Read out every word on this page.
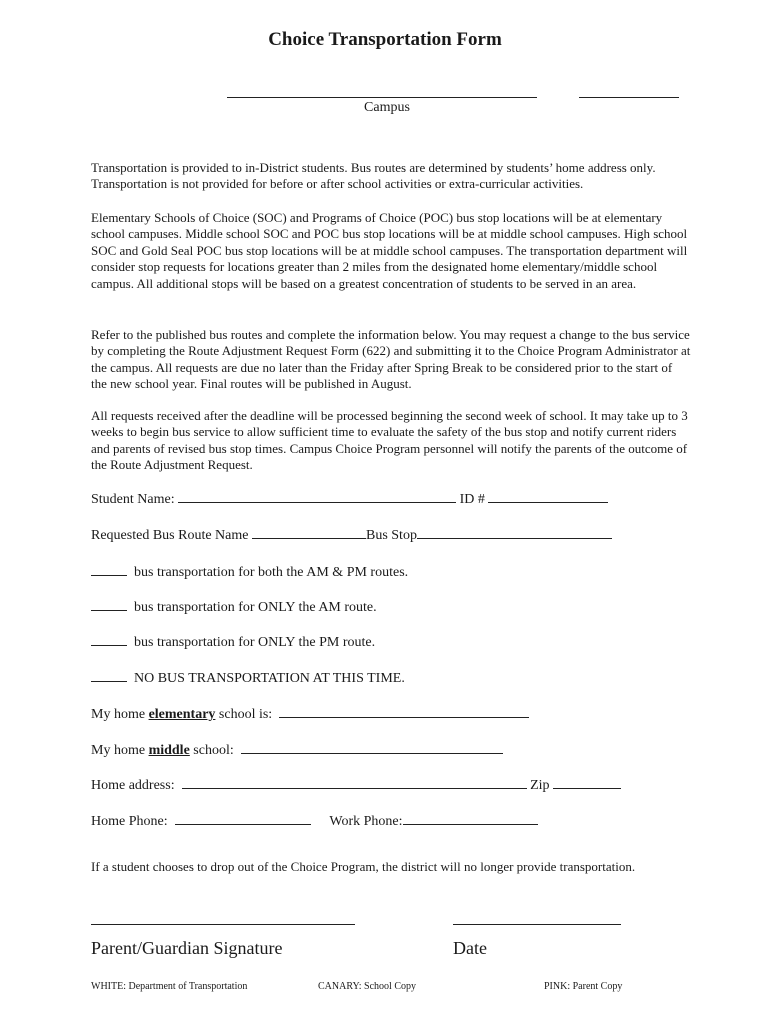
Choice Transportation Form
Campus
Transportation is provided to in-District students. Bus routes are determined by students’ home address only. Transportation is not provided for before or after school activities or extra-curricular activities.
Elementary Schools of Choice (SOC) and Programs of Choice (POC) bus stop locations will be at elementary school campuses. Middle school SOC and POC bus stop locations will be at middle school campuses. High school SOC and Gold Seal POC bus stop locations will be at middle school campuses. The transportation department will consider stop requests for locations greater than 2 miles from the designated home elementary/middle school campus. All additional stops will be based on a greatest concentration of students to be served in an area.
Refer to the published bus routes and complete the information below. You may request a change to the bus service by completing the Route Adjustment Request Form (622) and submitting it to the Choice Program Administrator at the campus. All requests are due no later than the Friday after Spring Break to be considered prior to the start of the new school year. Final routes will be published in August.
All requests received after the deadline will be processed beginning the second week of school. It may take up to 3 weeks to begin bus service to allow sufficient time to evaluate the safety of the bus stop and notify current riders and parents of revised bus stop times. Campus Choice Program personnel will notify the parents of the outcome of the Route Adjustment Request.
Student Name:	ID #
Requested Bus Route Name	Bus Stop
bus transportation for both the AM & PM routes.
bus transportation for ONLY the AM route.
bus transportation for ONLY the PM route.
NO BUS TRANSPORTATION AT THIS TIME.
My home elementary school is:
My home middle school:
Home address:	Zip
Home Phone:	Work Phone:
If a student chooses to drop out of the Choice Program, the district will no longer provide transportation.
Parent/Guardian Signature	Date
WHITE: Department of Transportation	CANARY: School Copy	PINK: Parent Copy
